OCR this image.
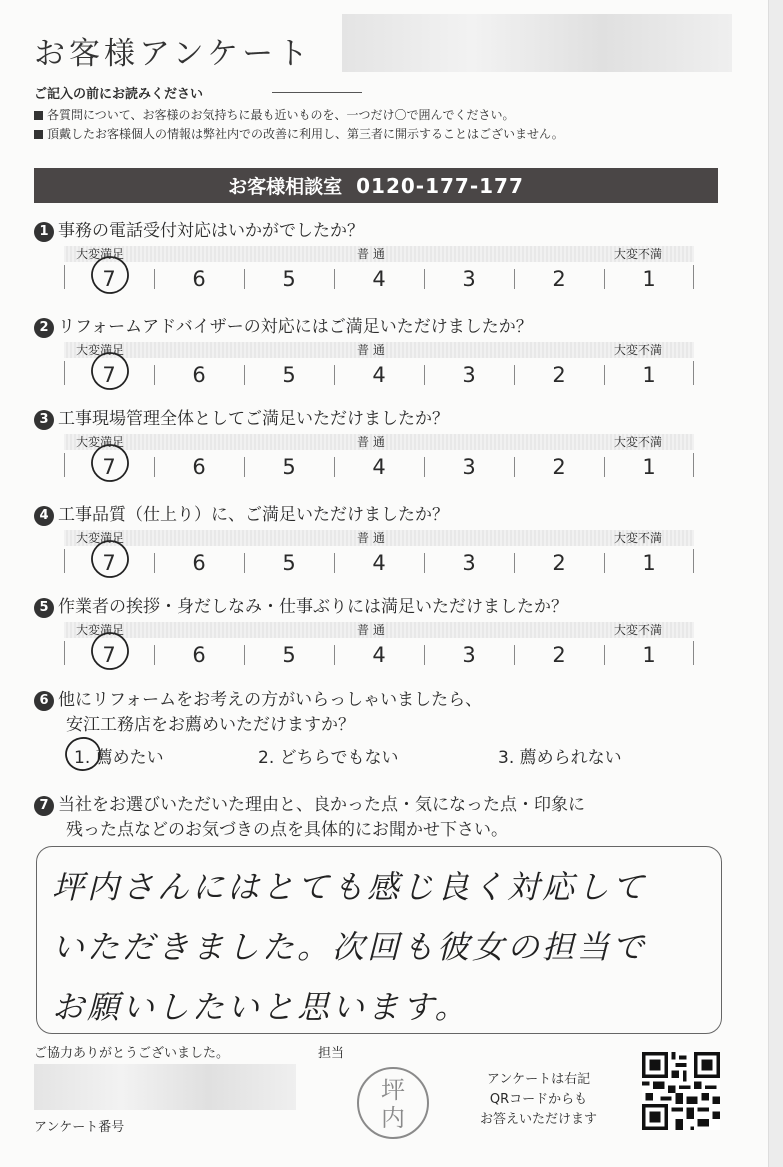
お客様アンケート
ご記入の前にお読みください
各質問について、お客様のお気持ちに最も近いものを、一つだけ〇で囲んでください。
頂戴したお客様個人の情報は弊社内での改善に利用し、第三者に開示することはございません。
お客様相談室 0120-177-177
1 事務の電話受付対応はいかがでしたか？
大変満足	普 通	大変不満
7	6	5	4	3	2	1
2 リフォームアドバイザーの対応にはご満足いただけましたか？
大変満足	普 通	大変不満
7	6	5	4	3	2	1
3 工事現場管理全体としてご満足いただけましたか？
大変満足	普 通	大変不満
7	6	5	4	3	2	1
4 工事品質（仕上り）に、ご満足いただけましたか？
大変満足	普 通	大変不満
7	6	5	4	3	2	1
5 作業者の挨拶・身だしなみ・仕事ぶりには満足いただけましたか？
大変満足	普 通	大変不満
7	6	5	4	3	2	1
6 他にリフォームをお考えの方がいらっしゃいましたら、
安江工務店をお薦めいただけますか？
1. 薦めたい	2. どちらでもない	3. 薦められない
7 当社をお選びいただいた理由と、良かった点・気になった点・印象に
残った点などのお気づきの点を具体的にお聞かせ下さい。
坪内さんにはとても感じ良く対応して
いただきました。次回も彼女の担当で
お願いしたいと思います。
ご協力ありがとうございました。	担当
坪
内
アンケートは右記
QRコードからも
お答えいただけます
アンケート番号
